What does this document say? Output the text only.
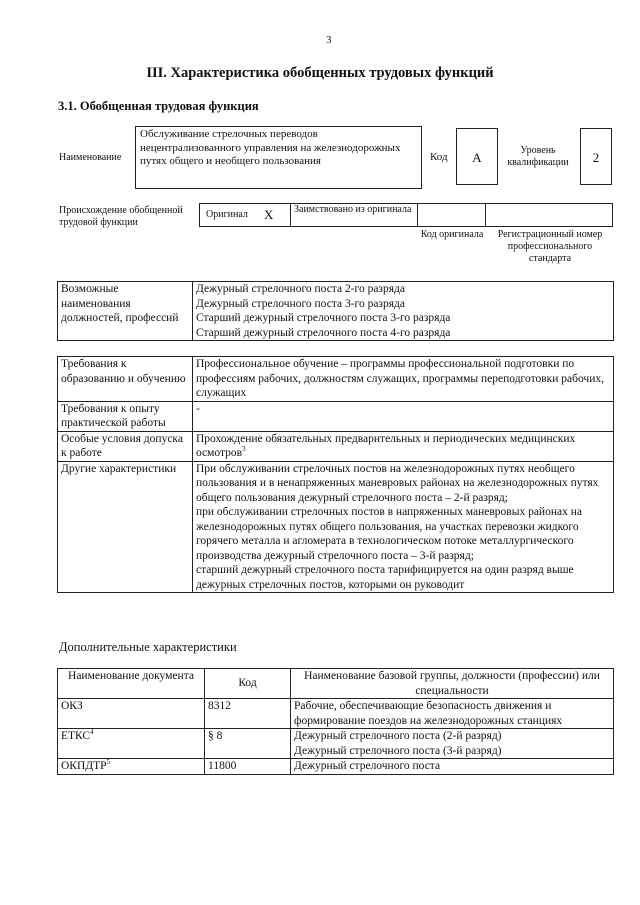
3
III. Характеристика обобщенных трудовых функций
3.1. Обобщенная трудовая функция
Наименование
Обслуживание стрелочных переводов нецентрализованного управления на железнодорожных путях общего и необщего пользования	Код	А	Уровень квалификации	2
Происхождение обобщенной трудовой функции
Оригинал X Заимствовано из оригинала
Код оригинала	Регистрационный номер профессионального стандарта
Возможные наименования должностей, профессий	
Дежурный стрелочного поста 2-го разряда
Дежурный стрелочного поста 3-го разряда
Старший дежурный стрелочного поста 3-го разряда
Старший дежурный стрелочного поста 4-го разряда
Требования к образованию и обучению	Профессиональное обучение – программы профессиональной подготовки по профессиям рабочих, должностям служащих, программы переподготовки рабочих, служащих
Требования к опыту практической работы	-
Особые условия допуска к работе	Прохождение обязательных предварительных и периодических медицинских осмотров$^3$
Другие характеристики	При обслуживании стрелочных постов на железнодорожных путях необщего пользования и в ненапряженных маневровых районах на железнодорожных путях общего пользования дежурный стрелочного поста – 2-й разряд;
при обслуживании стрелочных постов в напряженных маневровых районах на железнодорожных путях общего пользования, на участках перевозки жидкого горячего металла и агломерата в технологическом потоке металлургического производства дежурный стрелочного поста – 3-й разряд;
старший дежурный стрелочного поста тарифицируется на один разряд выше дежурных стрелочных постов, которыми он руководит
Дополнительные характеристики
Наименование документа	Код	Наименование базовой группы, должности (профессии) или специальности
ОКЗ	8312	Рабочие, обеспечивающие безопасность движения и формирование поездов на железнодорожных станциях
ЕТКС$^4$	§ 8	Дежурный стрелочного поста (2-й разряд)
Дежурный стрелочного поста (3-й разряд)
ОКПДТР$^5$	11800	Дежурный стрелочного поста
